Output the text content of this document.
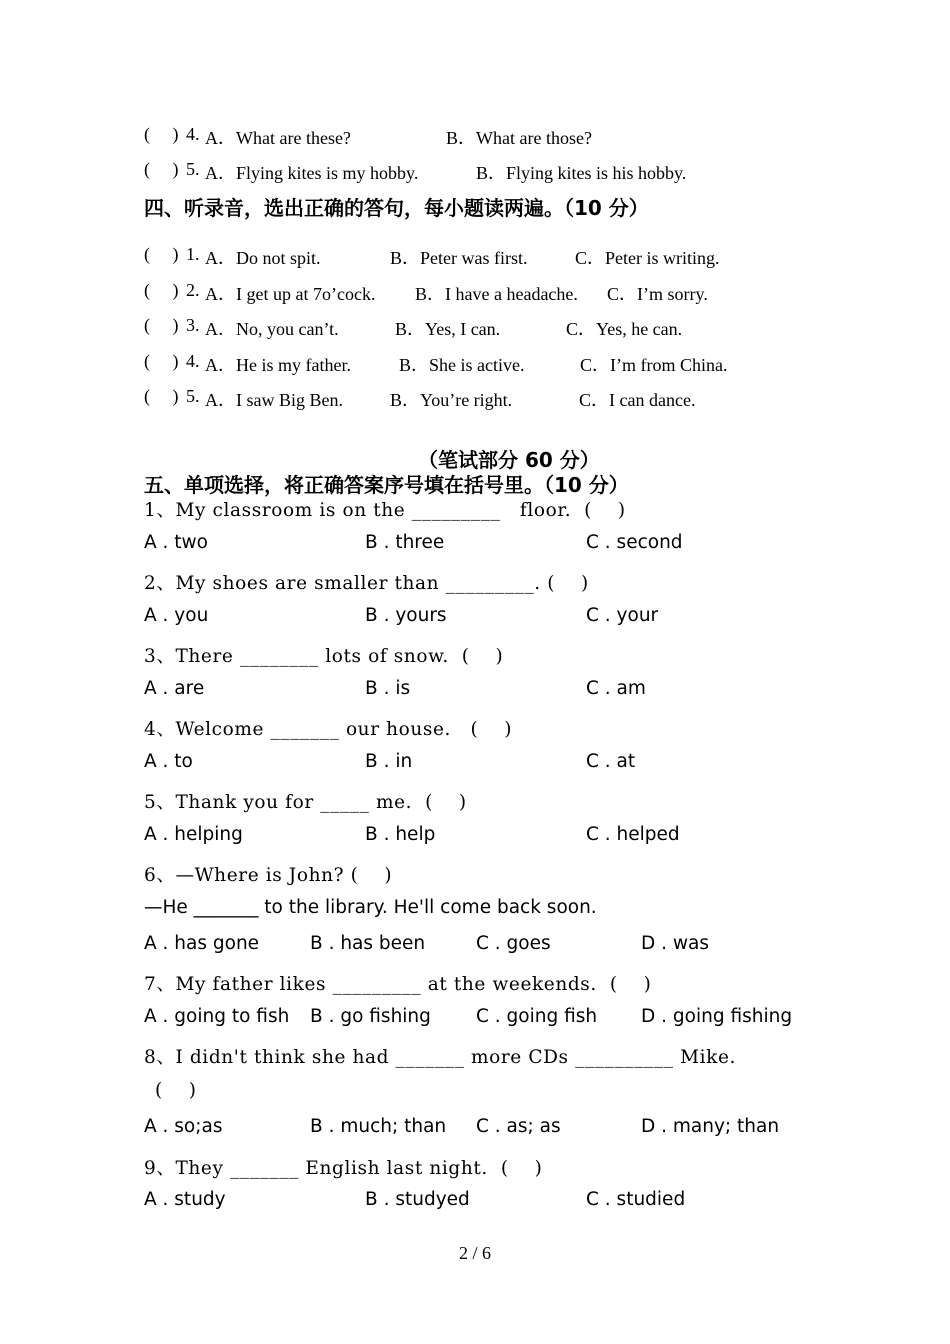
(     ) 4. A．What are these?	B．What are those?
(     ) 5. A．Flying kites is my hobby.	B．Flying kites is his hobby.
四、听录音，选出正确的答句，每小题读两遍。（10 分）
(     ) 1. A．Do not spit.	B．Peter was first.	C．Peter is writing.
(     ) 2. A．I get up at 7o’cock. B．I have a headache. C．I’m sorry.
(     ) 3. A．No, you can’t.	B．Yes, I can.	C．Yes, he can.
(     ) 4. A．He is my father.	B．She is active.	C．I’m from China.
(     ) 5. A．I saw Big Ben.	B．You’re right.	C．I can dance.
（笔试部分 60 分）
五、单项选择，将正确答案序号填在括号里。（10 分）
1、My classroom is on the _________   floor.  (    )
A . two	B . three	C . second
2、My shoes are smaller than _________. (    )
A . you	B . yours	C . your
3、There ________ lots of snow.  (    )
A . are	B . is	C . am
4、Welcome _______ our house.   (    )
A . to	B . in	C . at
5、Thank you for _____ me.  (    )
A . helping	B . help	C . helped
6、—Where is John? (    )
—He _______ to the library. He'll come back soon.
A . has gone	B . has been	C . goes	D . was
7、My father likes _________ at the weekends.  (    )
A . going to fish B . go fishing C . going fish D . going fishing
8、I didn't think she had _______ more CDs __________ Mike.
(    )
A . so;as	B . much; than C . as; as	D . many; than
9、They _______ English last night.  (    )
A . study	B . studyed	C . studied
2 / 6
